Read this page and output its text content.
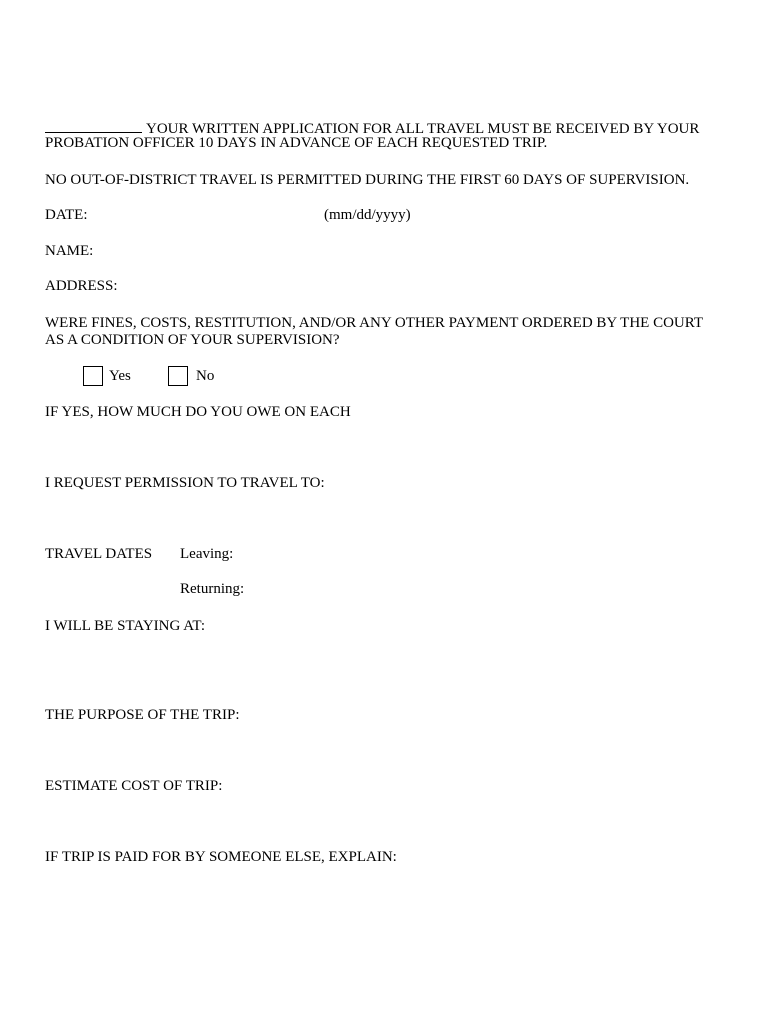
YOUR WRITTEN APPLICATION FOR ALL TRAVEL MUST BE RECEIVED BY YOUR
PROBATION OFFICER 10 DAYS IN ADVANCE OF EACH REQUESTED TRIP.
NO OUT-OF-DISTRICT TRAVEL IS PERMITTED DURING THE FIRST 60 DAYS OF SUPERVISION.
DATE:	(mm/dd/yyyy)
NAME:
ADDRESS:
WERE FINES, COSTS, RESTITUTION, AND/OR ANY OTHER PAYMENT ORDERED BY THE COURT
AS A CONDITION OF YOUR SUPERVISION?
Yes	No
IF YES, HOW MUCH DO YOU OWE ON EACH
I REQUEST PERMISSION TO TRAVEL TO:
TRAVEL DATES Leaving:
Returning:
I WILL BE STAYING AT:
THE PURPOSE OF THE TRIP:
ESTIMATE COST OF TRIP:
IF TRIP IS PAID FOR BY SOMEONE ELSE, EXPLAIN:
